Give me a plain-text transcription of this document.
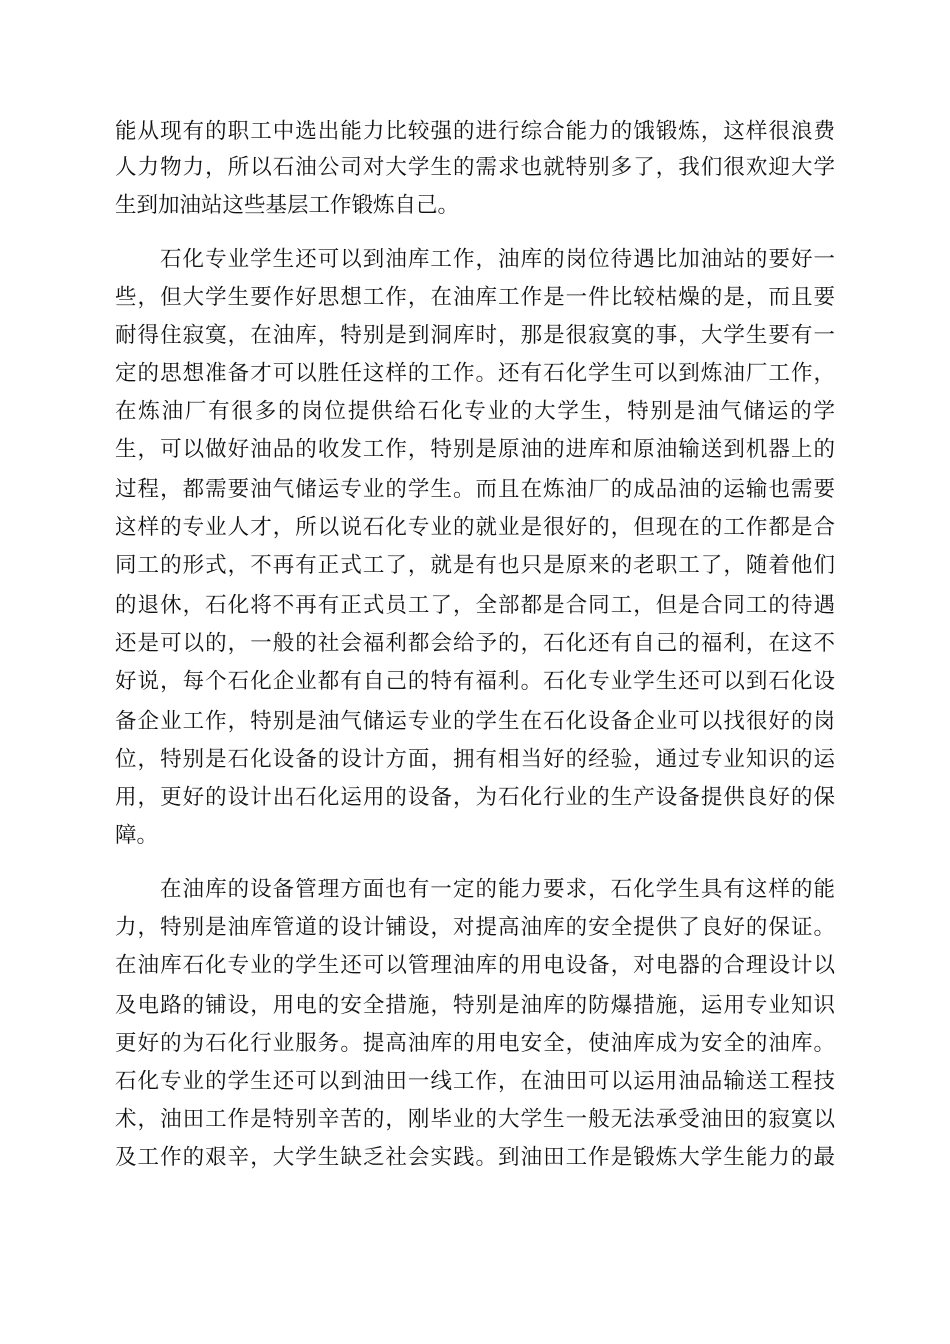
能从现有的职工中选出能力比较强的进行综合能力的饿锻炼，这样很浪费
人力物力，所以石油公司对大学生的需求也就特别多了，我们很欢迎大学
生到加油站这些基层工作锻炼自己。
石化专业学生还可以到油库工作，油库的岗位待遇比加油站的要好一
些，但大学生要作好思想工作，在油库工作是一件比较枯燥的是，而且要
耐得住寂寞，在油库，特别是到洞库时，那是很寂寞的事，大学生要有一
定的思想准备才可以胜任这样的工作。还有石化学生可以到炼油厂工作，
在炼油厂有很多的岗位提供给石化专业的大学生，特别是油气储运的学
生，可以做好油品的收发工作，特别是原油的进库和原油输送到机器上的
过程，都需要油气储运专业的学生。而且在炼油厂的成品油的运输也需要
这样的专业人才，所以说石化专业的就业是很好的，但现在的工作都是合
同工的形式，不再有正式工了，就是有也只是原来的老职工了，随着他们
的退休，石化将不再有正式员工了，全部都是合同工，但是合同工的待遇
还是可以的，一般的社会福利都会给予的，石化还有自己的福利，在这不
好说，每个石化企业都有自己的特有福利。石化专业学生还可以到石化设
备企业工作，特别是油气储运专业的学生在石化设备企业可以找很好的岗
位，特别是石化设备的设计方面，拥有相当好的经验，通过专业知识的运
用，更好的设计出石化运用的设备，为石化行业的生产设备提供良好的保
障。
在油库的设备管理方面也有一定的能力要求，石化学生具有这样的能
力，特别是油库管道的设计铺设，对提高油库的安全提供了良好的保证。
在油库石化专业的学生还可以管理油库的用电设备，对电器的合理设计以
及电路的铺设，用电的安全措施，特别是油库的防爆措施，运用专业知识
更好的为石化行业服务。提高油库的用电安全，使油库成为安全的油库。
石化专业的学生还可以到油田一线工作，在油田可以运用油品输送工程技
术，油田工作是特别辛苦的，刚毕业的大学生一般无法承受油田的寂寞以
及工作的艰辛，大学生缺乏社会实践。到油田工作是锻炼大学生能力的最
